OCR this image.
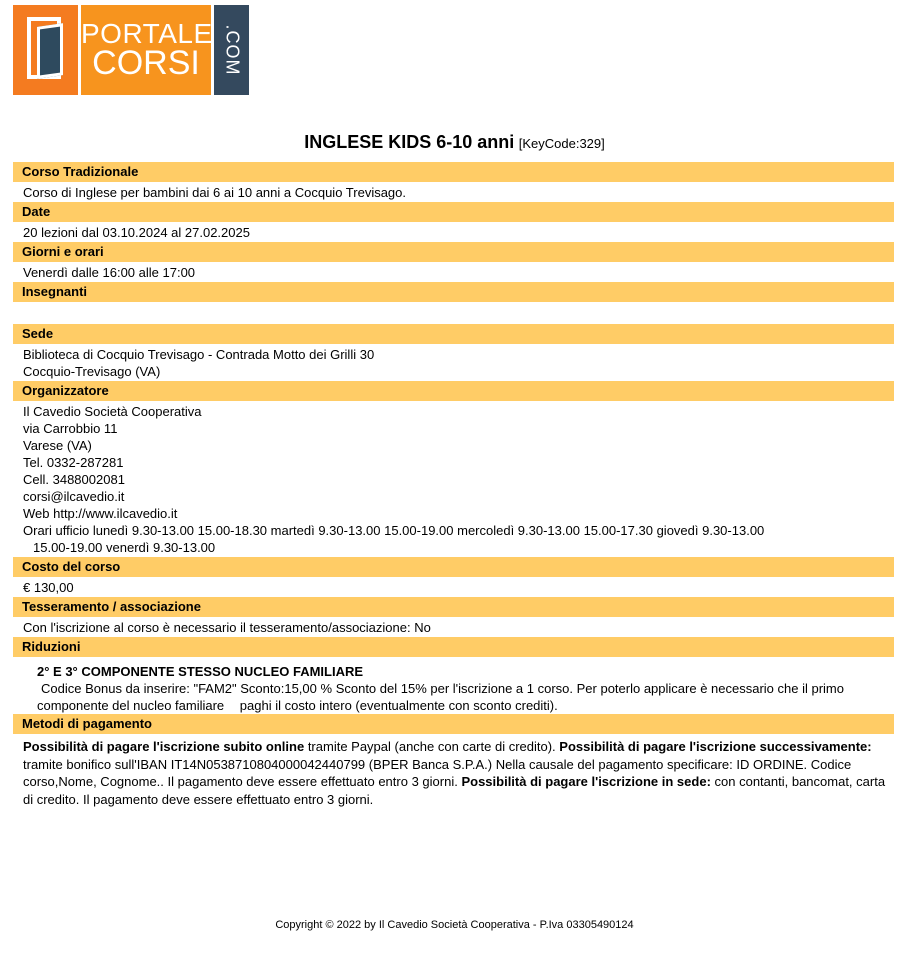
PORTALE
CORSI	.COM
INGLESE KIDS 6-10 anni [KeyCode:329]
Corso Tradizionale
Corso di Inglese per bambini dai 6 ai 10 anni a Cocquio Trevisago.
Date
20 lezioni dal 03.10.2024 al 27.02.2025
Giorni e orari
Venerdì dalle 16:00 alle 17:00
Insegnanti
Sede
Biblioteca di Cocquio Trevisago - Contrada Motto dei Grilli 30
Cocquio-Trevisago (VA)
Organizzatore
Il Cavedio Società Cooperativa
via Carrobbio 11
Varese (VA)
Tel. 0332-287281
Cell. 3488002081
corsi@ilcavedio.it
Web http://www.ilcavedio.it
Orari ufficio lunedì 9.30-13.00 15.00-18.30 martedì 9.30-13.00 15.00-19.00 mercoledì 9.30-13.00 15.00-17.30 giovedì 9.30-13.00
15.00-19.00 venerdì 9.30-13.00
Costo del corso
€ 130,00
Tesseramento / associazione
Con l'iscrizione al corso è necessario il tesseramento/associazione: No
Riduzioni
2° E 3° COMPONENTE STESSO NUCLEO FAMILIARE
Codice Bonus da inserire: "FAM2" Sconto:15,00 % Sconto del 15% per l'iscrizione a 1 corso. Per poterlo applicare è necessario che il primo componente del nucleo familiare paghi il costo intero (eventualmente con sconto crediti).
Metodi di pagamento
Possibilità di pagare l'iscrizione subito online tramite Paypal (anche con carte di credito). Possibilità di pagare l'iscrizione successivamente: tramite bonifico sull'IBAN IT14N0538710804000042440799 (BPER Banca S.P.A.) Nella causale del pagamento specificare: ID ORDINE. Codice corso,Nome, Cognome.. Il pagamento deve essere effettuato entro 3 giorni. Possibilità di pagare l'iscrizione in sede: con contanti, bancomat, carta di credito. Il pagamento deve essere effettuato entro 3 giorni.
Copyright © 2022 by Il Cavedio Società Cooperativa - P.Iva 03305490124
